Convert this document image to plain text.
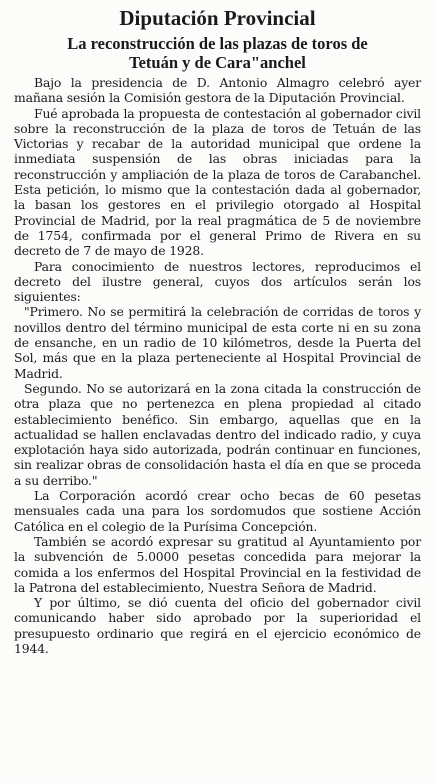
Diputación Provincial
La reconstrucción de las plazas de toros de
Tetuán y de Cara"anchel

Bajo la presidencia de D. Antonio Almagro celebró ayer mañana sesión la Comisión gestora de la Diputación Provincial.

Fué aprobada la propuesta de contestación al gobernador civil sobre la reconstrucción de la plaza de toros de Tetuán de las Victorias y recabar de la autoridad municipal que ordene la inmediata suspensión de las obras iniciadas para la reconstrucción y ampliación de la plaza de toros de Carabanchel. Esta petición, lo mismo que la contestación dada al gobernador, la basan los gestores en el privilegio otorgado al Hospital Provincial de Madrid, por la real pragmática de 5 de noviembre de 1754, confirmada por el general Primo de Rivera en su decreto de 7 de mayo de 1928.

Para conocimiento de nuestros lectores, reproducimos el decreto del ilustre general, cuyos dos artículos serán los siguientes:

"Primero. No se permitirá la celebración de corridas de toros y novillos dentro del término municipal de esta corte ni en su zona de ensanche, en un radio de 10 kilómetros, desde la Puerta del Sol, más que en la plaza perteneciente al Hospital Provincial de Madrid.

Segundo. No se autorizará en la zona citada la construcción de otra plaza que no pertenezca en plena propiedad al citado establecimiento benéfico. Sin embargo, aquellas que en la actualidad se hallen enclavadas dentro del indicado radio, y cuya explotación haya sido autorizada, podrán continuar en funciones, sin realizar obras de consolidación hasta el día en que se proceda a su derribo."

La Corporación acordó crear ocho becas de 60 pesetas mensuales cada una para los sordomudos que sostiene Acción Católica en el colegio de la Purísima Concepción.

También se acordó expresar su gratitud al Ayuntamiento por la subvención de 5.0000 pesetas concedida para mejorar la comida a los enfermos del Hospital Provincial en la festividad de la Patrona del establecimiento, Nuestra Señora de Madrid.

Y por último, se dió cuenta del oficio del gobernador civil comunicando haber sido aprobado por la superioridad el presupuesto ordinario que regirá en el ejercicio económico de 1944.
